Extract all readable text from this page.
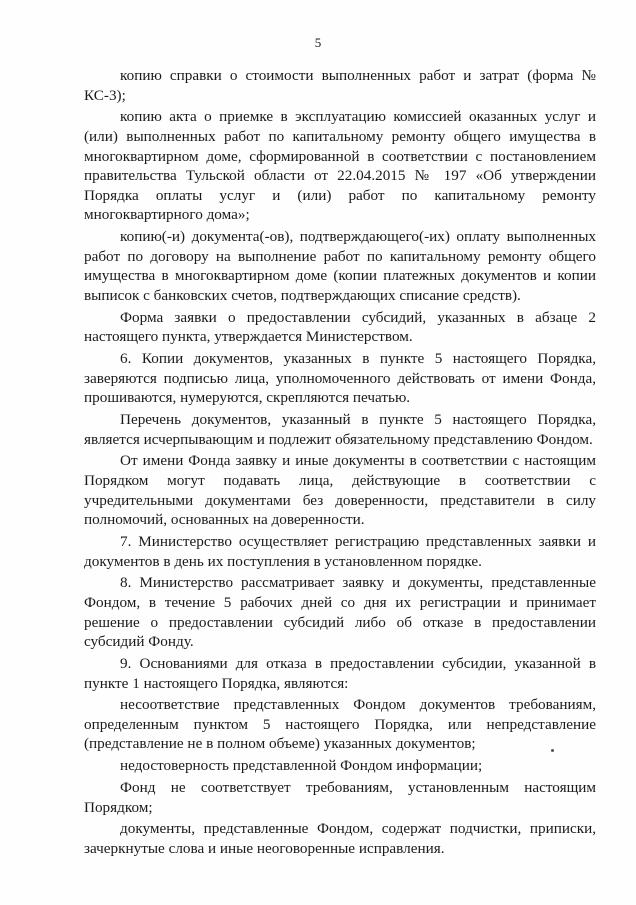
5

копию справки о стоимости выполненных работ и затрат (форма № КС-3);

копию акта о приемке в эксплуатацию комиссией оказанных услуг и (или) выполненных работ по капитальному ремонту общего имущества в многоквартирном доме, сформированной в соответствии с постановлением правительства Тульской области от 22.04.2015 № 197 «Об утверждении Порядка оплаты услуг и (или) работ по капитальному ремонту многоквартирного дома»;

копию(-и) документа(-ов), подтверждающего(-их) оплату выполненных работ по договору на выполнение работ по капитальному ремонту общего имущества в многоквартирном доме (копии платежных документов и копии выписок с банковских счетов, подтверждающих списание средств).

Форма заявки о предоставлении субсидий, указанных в абзаце 2 настоящего пункта, утверждается Министерством.

6. Копии документов, указанных в пункте 5 настоящего Порядка, заверяются подписью лица, уполномоченного действовать от имени Фонда, прошиваются, нумеруются, скрепляются печатью.

Перечень документов, указанный в пункте 5 настоящего Порядка, является исчерпывающим и подлежит обязательному представлению Фондом.

От имени Фонда заявку и иные документы в соответствии с настоящим Порядком могут подавать лица, действующие в соответствии с учредительными документами без доверенности, представители в силу полномочий, основанных на доверенности.

7. Министерство осуществляет регистрацию представленных заявки и документов в день их поступления в установленном порядке.

8. Министерство рассматривает заявку и документы, представленные Фондом, в течение 5 рабочих дней со дня их регистрации и принимает решение о предоставлении субсидий либо об отказе в предоставлении субсидий Фонду.

9. Основаниями для отказа в предоставлении субсидии, указанной в пункте 1 настоящего Порядка, являются:

несоответствие представленных Фондом документов требованиям, определенным пунктом 5 настоящего Порядка, или непредставление (представление не в полном объеме) указанных документов;

недостоверность представленной Фондом информации;

Фонд не соответствует требованиям, установленным настоящим Порядком;

документы, представленные Фондом, содержат подчистки, приписки, зачеркнутые слова и иные неоговоренные исправления.
